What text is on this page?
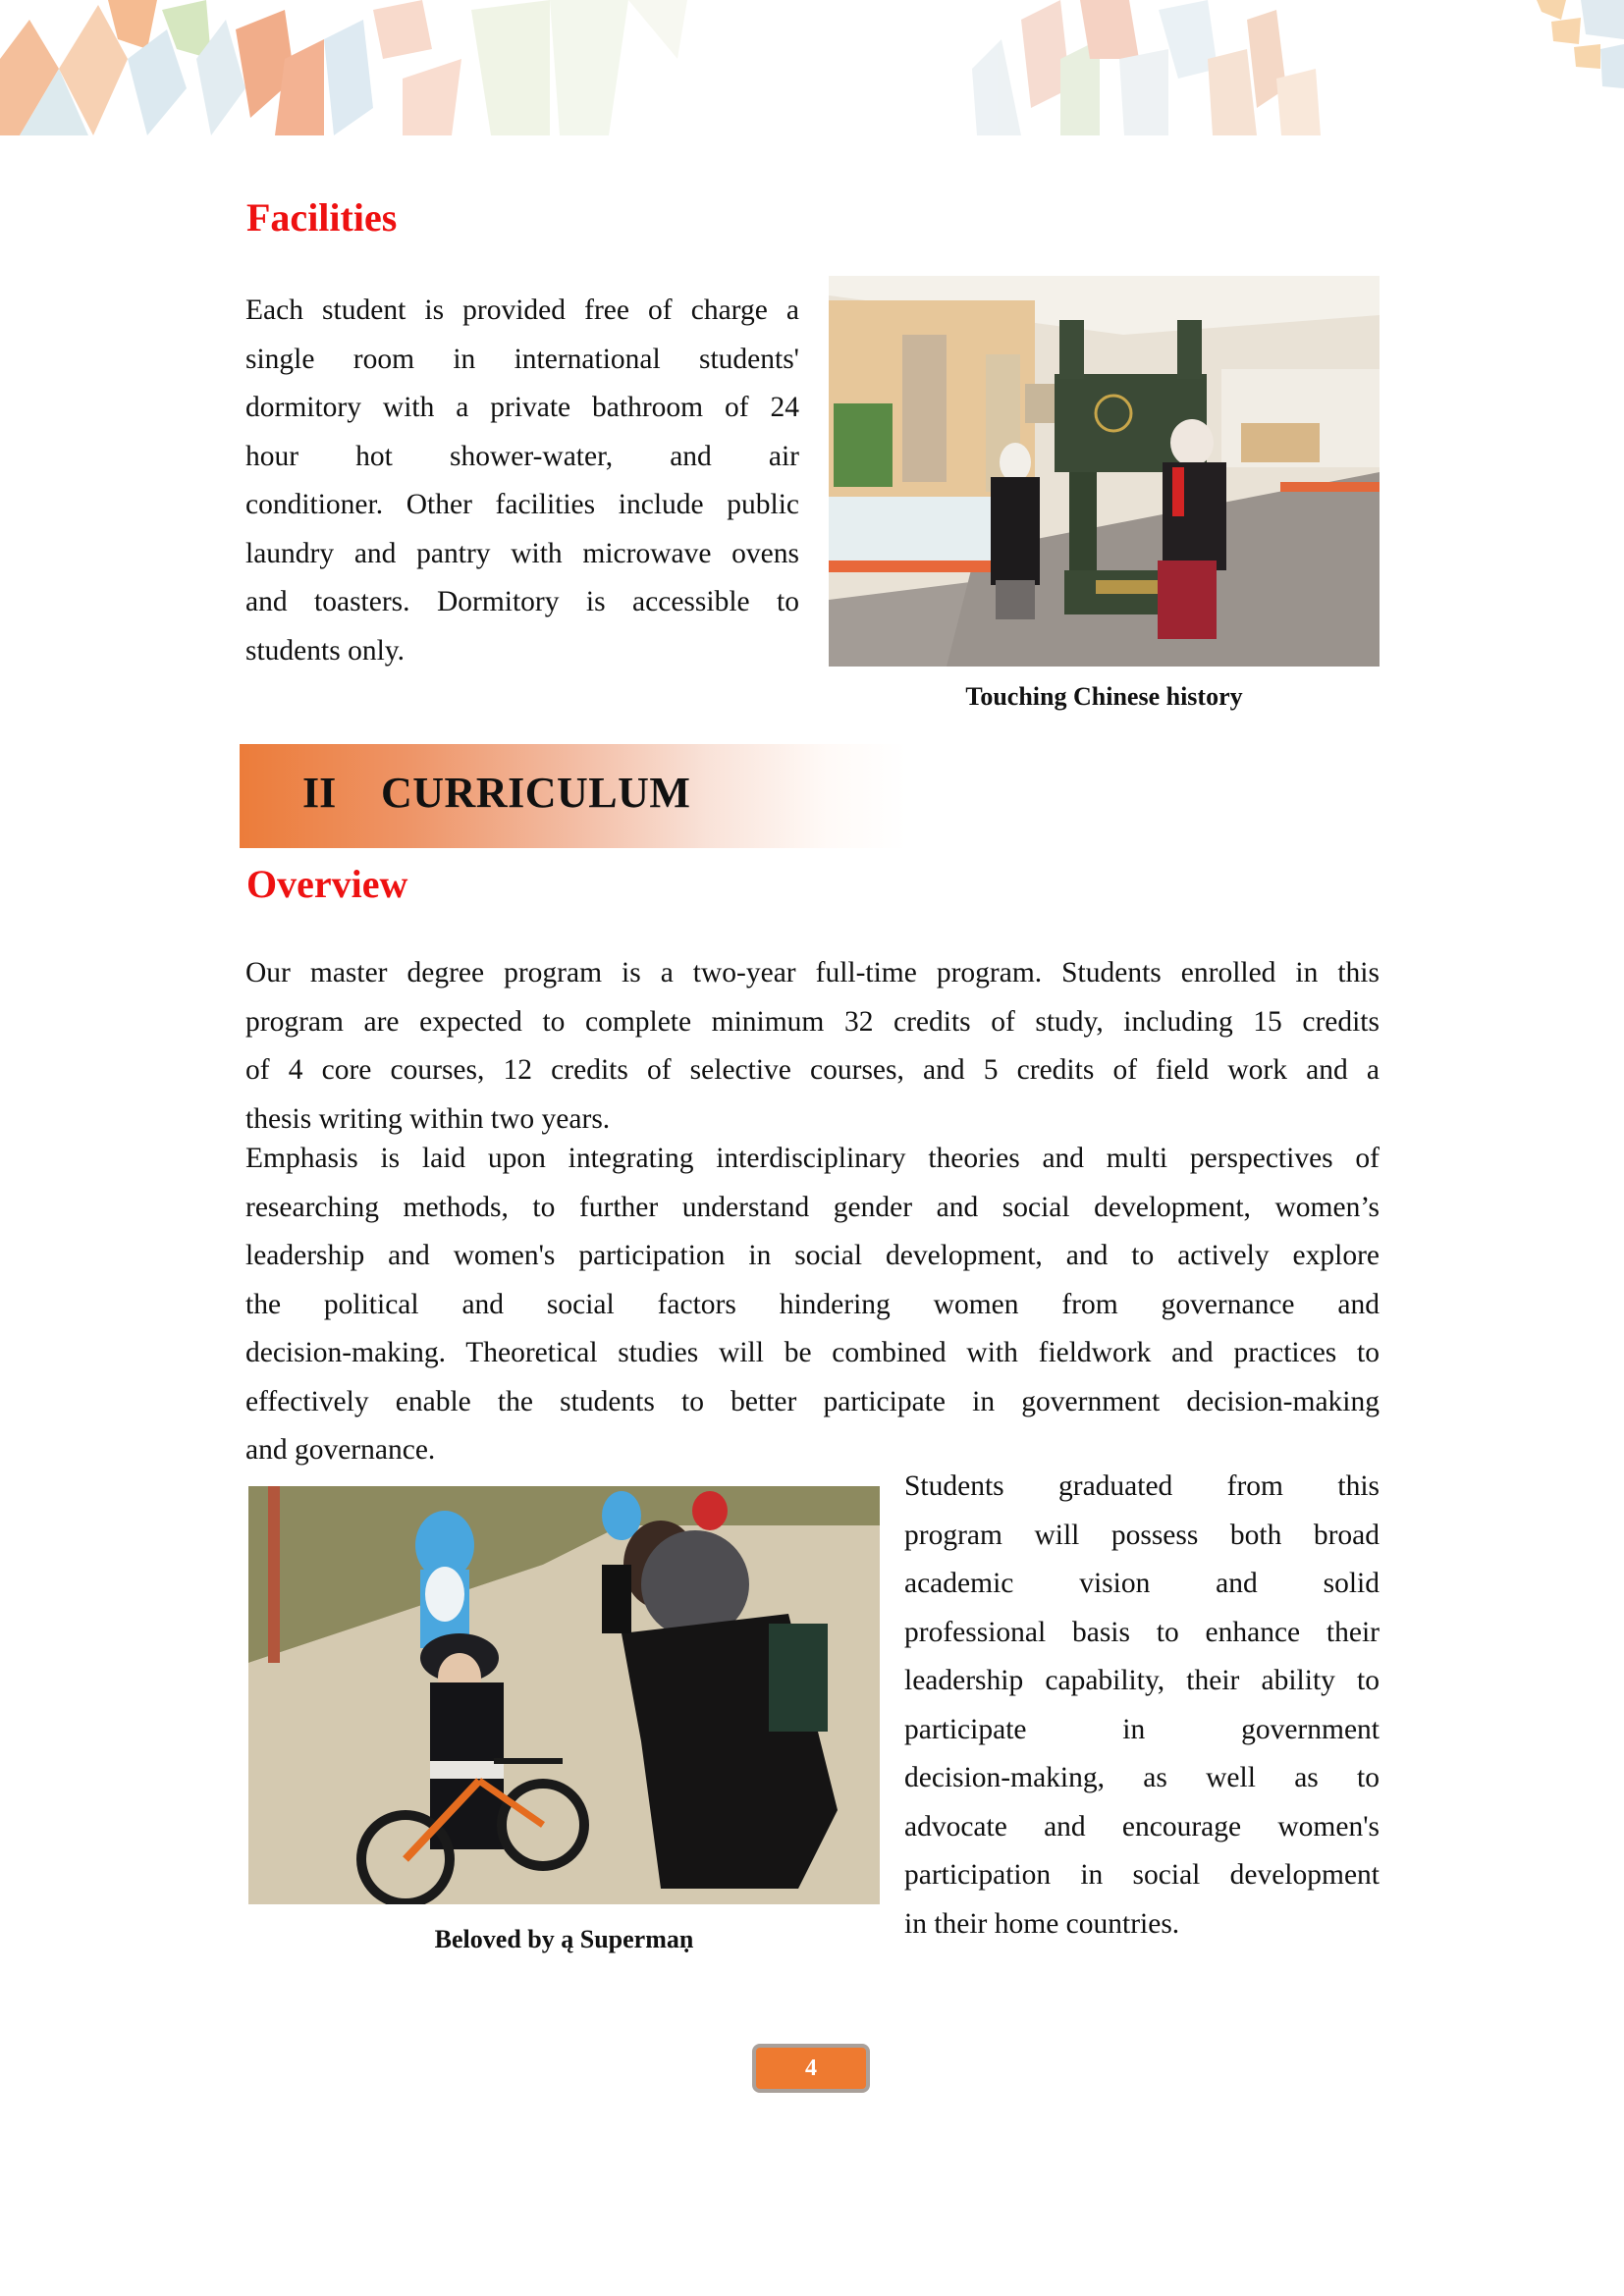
Facilities
Each student is provided free of charge a
single room in international students'
dormitory with a private bathroom of 24
hour hot shower-water, and air
conditioner. Other facilities include public
laundry and pantry with microwave ovens
and toasters. Dormitory is accessible to
students only.

Touching Chinese history

II CURRICULUM
Overview
Our master degree program is a two-year full-time program. Students enrolled in this
program are expected to complete minimum 32 credits of study, including 15 credits
of 4 core courses, 12 credits of selective courses, and 5 credits of field work and a
thesis writing within two years.
Emphasis is laid upon integrating interdisciplinary theories and multi perspectives of
researching methods, to further understand gender and social development, women’s
leadership and women's participation in social development, and to actively explore
the political and social factors hindering women from governance and
decision-making. Theoretical studies will be combined with fieldwork and practices to
effectively enable the students to better participate in government decision-making
and governance.

Beloved by ą Supermaṇ

Students graduated from this
program will possess both broad
academic vision and solid
professional basis to enhance their
leadership capability, their ability to
participate in government
decision-making, as well as to
advocate and encourage women's
participation in social development
in their home countries.
4
